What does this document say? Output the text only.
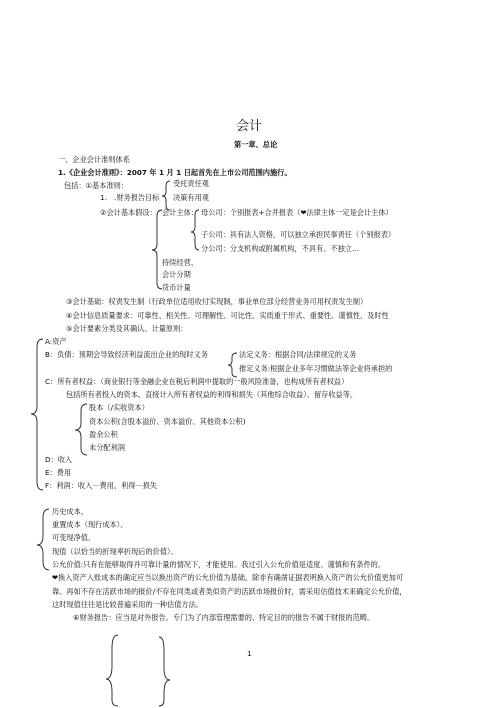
会计
第一章、总论
一、企业会计准则体系
1.《企业会计准则》：2007 年 1 月 1 日起首先在上市公司范围内施行。
包括：①基本准则：	受托责任观
决策有用观
1.　.财务报告目标
②会计基本假设： 会计主体： 母公司：个别报表+合并报表（❤法律主体一定是会计主体）
子公司：具有法人资格，可以独立承担民事责任（个别报表）
分公司：分支机构或附属机构，不具有、不独立…
持续经营、
会计分期
货币计量
③会计基础：权责发生制（行政单位适用收付实现制，事业单位部分经营业务可用权责发生制）
④会计信息质量要求：可靠性、相关性、可理解性、可比性、实质重于形式、重要性、谨慎性、及时性
⑤会计要素分类及其确认、计量原则：
A:资产
B：负债：预期会导致经济利益流出企业的现时义务	法定义务：根据合同/法律规定的义务
推定义务:根据企业多年习惯做法等企业将承担的
C：所有者权益：（商业银行等金融企业在税后利润中提取的一般风险准备，也构成所有者权益）
包括所有者投入的资本、直接计入所有者权益的利得和损失（其他综合收益）、留存收益等。
股本（/实收资本）
资本公积(含股本溢价、资本溢价、其他资本公积)
盈余公积
未分配利润
D：收入
E：费用
F：利润：收入－费用，利得－损失
历史成本、
重置成本（现行成本）、
可变现净值、
现值（以恰当的折现率折现后的价值）、
公允价值:只有在能够取得并可靠计量的情况下，才能使用。我过引入公允价值是适度、谨慎和有条件的。
❤换入资产入账成本的确定应当以换出资产的公允价值为基础，除非有确凿证据表明换入资产的公允价值更加可
靠。再如不存在活跃市场的报价/不存在同类或者类似资产的活跃市场报价时，需采用估值技术来确定公允价值，
这时现值往往是比较普遍采用的一种估值方法。
⑥财务报告：应当是对外报告。专门为了内部管理需要的、特定目的的报告不属于财报的范畴。
1
